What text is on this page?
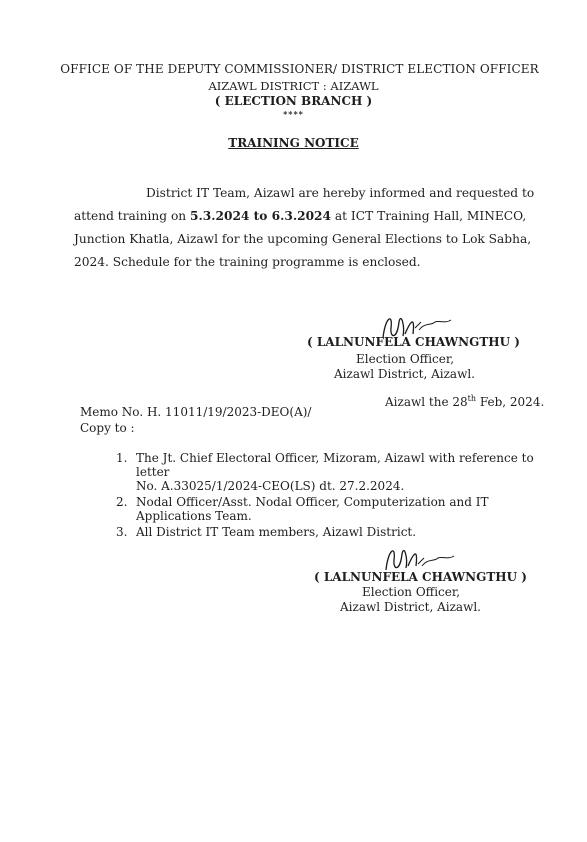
OFFICE OF THE DEPUTY COMMISSIONER/ DISTRICT ELECTION OFFICER
AIZAWL DISTRICT : AIZAWL
( ELECTION BRANCH )
****
TRAINING NOTICE
District IT Team, Aizawl are hereby informed and requested to
attend training on 5.3.2024 to 6.3.2024 at ICT Training Hall, MINECO,
Junction Khatla, Aizawl for the upcoming General Elections to Lok Sabha,
2024. Schedule for the training programme is enclosed.
( LALNUNFELA CHAWNGTHU )
Election Officer,
Aizawl District, Aizawl.
Aizawl the 28th Feb, 2024.
Memo No. H. 11011/19/2023-DEO(A)/
Copy to :
1. The Jt. Chief Electoral Officer, Mizoram, Aizawl with reference to letter
No. A.33025/1/2024-CEO(LS) dt. 27.2.2024.
2. Nodal Officer/Asst. Nodal Officer, Computerization and IT
Applications Team.
3. All District IT Team members, Aizawl District.
( LALNUNFELA CHAWNGTHU )
Election Officer,
Aizawl District, Aizawl.
